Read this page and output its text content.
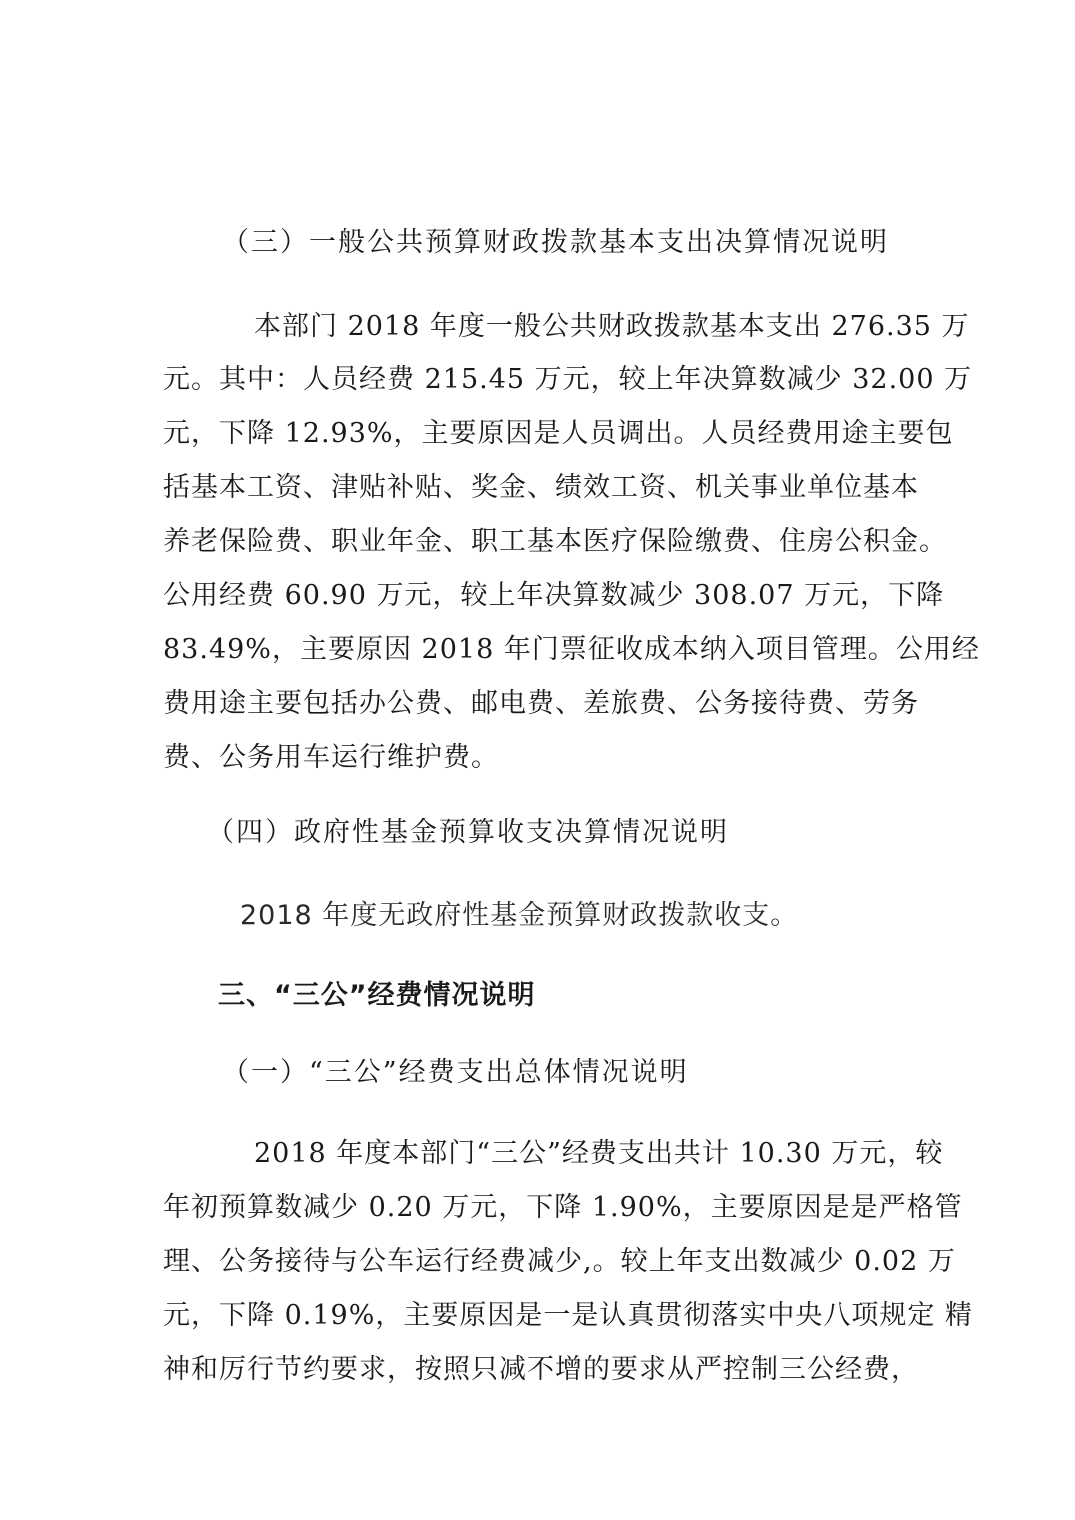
（三）一般公共预算财政拨款基本支出决算情况说明
本部门 2018 年度一般公共财政拨款基本支出 276.35 万
元。其中：人员经费 215.45 万元，较上年决算数减少 32.00 万
元，下降 12.93%，主要原因是人员调出。人员经费用途主要包
括基本工资、津贴补贴、奖金、绩效工资、机关事业单位基本
养老保险费、职业年金、职工基本医疗保险缴费、住房公积金。
公用经费 60.90 万元，较上年决算数减少 308.07 万元，下降
83.49%，主要原因 2018 年门票征收成本纳入项目管理。公用经
费用途主要包括办公费、邮电费、差旅费、公务接待费、劳务
费、公务用车运行维护费。
（四）政府性基金预算收支决算情况说明
2018 年度无政府性基金预算财政拨款收支。
三、“三公”经费情况说明
（一）“三公”经费支出总体情况说明
2018 年度本部门“三公”经费支出共计 10.30 万元，较
年初预算数减少 0.20 万元，下降 1.90%，主要原因是是严格管
理、公务接待与公车运行经费减少,。较上年支出数减少 0.02 万
元，下降 0.19%，主要原因是一是认真贯彻落实中央八项规定 精
神和厉行节约要求，按照只减不增的要求从严控制三公经费，
